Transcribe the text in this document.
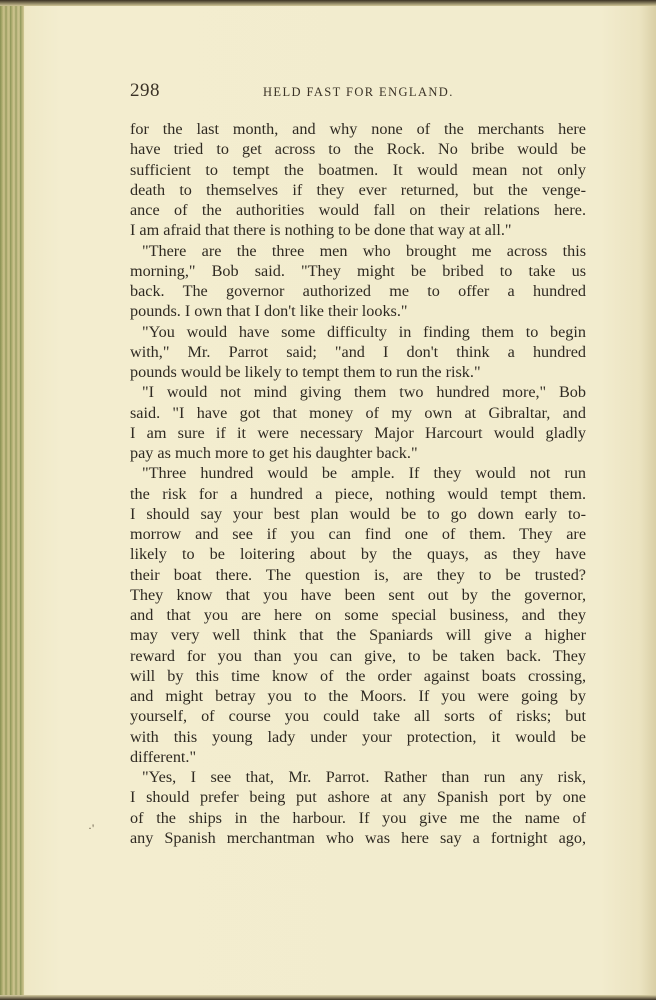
298	HELD FAST FOR ENGLAND.
·'
for the last month, and why none of the merchants here
have tried to get across to the Rock. No bribe would be
sufficient to tempt the boatmen. It would mean not only
death to themselves if they ever returned, but the venge-
ance of the authorities would fall on their relations here.
I am afraid that there is nothing to be done that way at all."
"There are the three men who brought me across this
morning," Bob said. "They might be bribed to take us
back. The governor authorized me to offer a hundred
pounds. I own that I don't like their looks."
"You would have some difficulty in finding them to begin
with," Mr. Parrot said; "and I don't think a hundred
pounds would be likely to tempt them to run the risk."
"I would not mind giving them two hundred more," Bob
said. "I have got that money of my own at Gibraltar, and
I am sure if it were necessary Major Harcourt would gladly
pay as much more to get his daughter back."
"Three hundred would be ample. If they would not run
the risk for a hundred a piece, nothing would tempt them.
I should say your best plan would be to go down early to-
morrow and see if you can find one of them. They are
likely to be loitering about by the quays, as they have
their boat there. The question is, are they to be trusted?
They know that you have been sent out by the governor,
and that you are here on some special business, and they
may very well think that the Spaniards will give a higher
reward for you than you can give, to be taken back. They
will by this time know of the order against boats crossing,
and might betray you to the Moors. If you were going by
yourself, of course you could take all sorts of risks; but
with this young lady under your protection, it would be
different."
"Yes, I see that, Mr. Parrot. Rather than run any risk,
I should prefer being put ashore at any Spanish port by one
of the ships in the harbour. If you give me the name of
any Spanish merchantman who was here say a fortnight ago,
